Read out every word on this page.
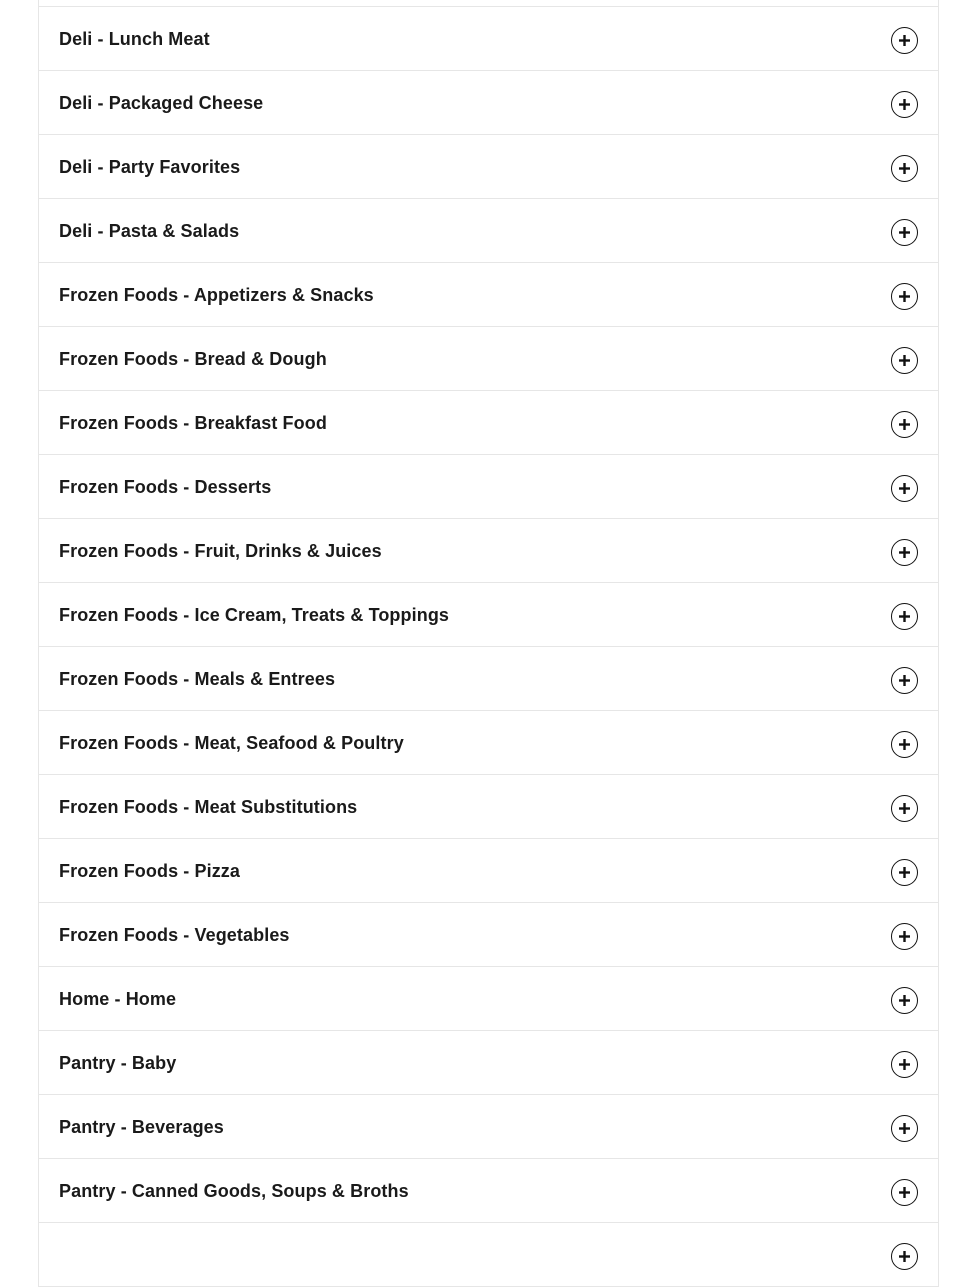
Deli - Lunch Meat
Deli - Packaged Cheese
Deli - Party Favorites
Deli - Pasta & Salads
Frozen Foods - Appetizers & Snacks
Frozen Foods - Bread & Dough
Frozen Foods - Breakfast Food
Frozen Foods - Desserts
Frozen Foods - Fruit, Drinks & Juices
Frozen Foods - Ice Cream, Treats & Toppings
Frozen Foods - Meals & Entrees
Frozen Foods - Meat, Seafood & Poultry
Frozen Foods - Meat Substitutions
Frozen Foods - Pizza
Frozen Foods - Vegetables
Home - Home
Pantry - Baby
Pantry - Beverages
Pantry - Canned Goods, Soups & Broths
